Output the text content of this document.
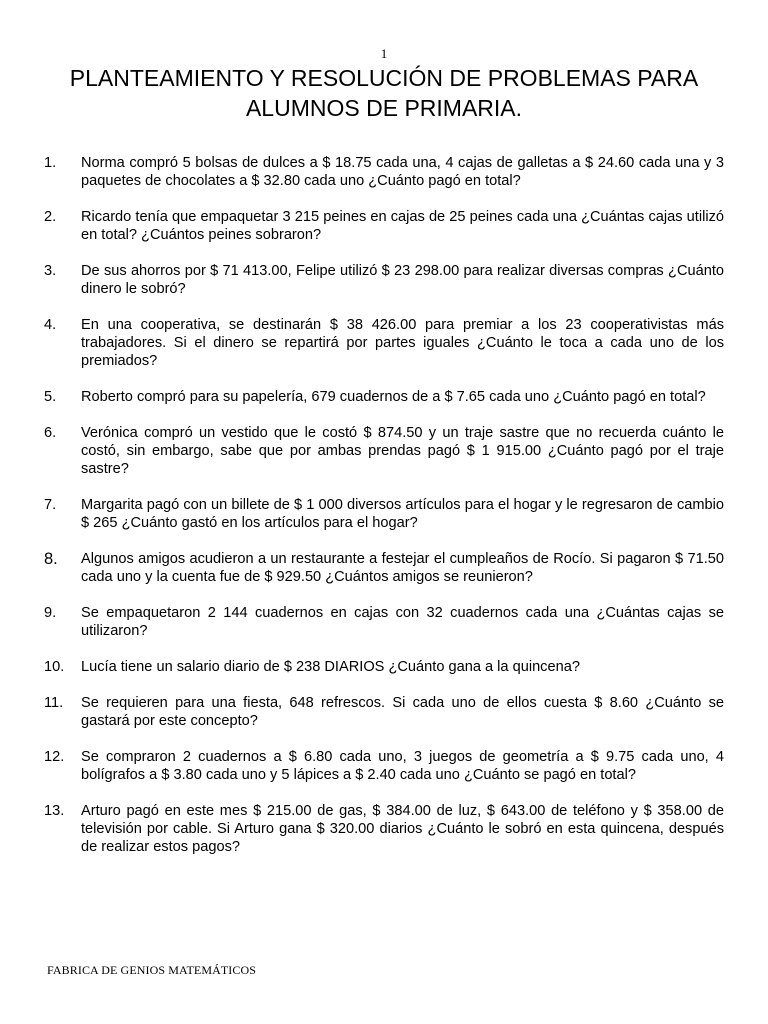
1
PLANTEAMIENTO Y RESOLUCIÓN DE PROBLEMAS PARA
ALUMNOS DE PRIMARIA.
1.	Norma compró 5 bolsas de dulces a $ 18.75 cada una, 4 cajas de galletas a $ 24.60 cada una y 3 paquetes de chocolates a $ 32.80 cada uno ¿Cuánto pagó en total?
2.	Ricardo tenía que empaquetar 3 215 peines en cajas de 25 peines cada una ¿Cuántas cajas utilizó en total? ¿Cuántos peines sobraron?
3.	De sus ahorros por $ 71 413.00, Felipe utilizó $ 23 298.00 para realizar diversas compras ¿Cuánto dinero le sobró?
4.	En una cooperativa, se destinarán $ 38 426.00 para premiar a los 23 cooperativistas más trabajadores. Si el dinero se repartirá por partes iguales ¿Cuánto le toca a cada uno de los premiados?
5.	Roberto compró para su papelería, 679 cuadernos de a $ 7.65 cada uno ¿Cuánto pagó en total?
6.	Verónica compró un vestido que le costó $ 874.50 y un traje sastre que no recuerda cuánto le costó, sin embargo, sabe que por ambas prendas pagó $ 1 915.00 ¿Cuánto pagó por el traje sastre?
7.	Margarita pagó con un billete de $ 1 000 diversos artículos para el hogar y le regresaron de cambio $ 265 ¿Cuánto gastó en los artículos para el hogar?
8.	Algunos amigos acudieron a un restaurante a festejar el cumpleaños de Rocío. Si pagaron $ 71.50 cada uno y la cuenta fue de $ 929.50 ¿Cuántos amigos se reunieron?
9.	Se empaquetaron 2 144 cuadernos en cajas con 32 cuadernos cada una ¿Cuántas cajas se utilizaron?
10.	Lucía tiene un salario diario de $ 238 DIARIOS ¿Cuánto gana a la quincena?
11.	Se requieren para una fiesta, 648 refrescos. Si cada uno de ellos cuesta $ 8.60 ¿Cuánto se gastará por este concepto?
12.	Se compraron 2 cuadernos a $ 6.80 cada uno, 3 juegos de geometría a $ 9.75 cada uno, 4 bolígrafos a $ 3.80 cada uno y 5 lápices a $ 2.40 cada uno ¿Cuánto se pagó en total?
13.	Arturo pagó en este mes $ 215.00 de gas, $ 384.00 de luz, $ 643.00 de teléfono y $ 358.00 de televisión por cable. Si Arturo gana $ 320.00 diarios ¿Cuánto le sobró en esta quincena, después de realizar estos pagos?
FABRICA DE GENIOS MATEMÁTICOS
